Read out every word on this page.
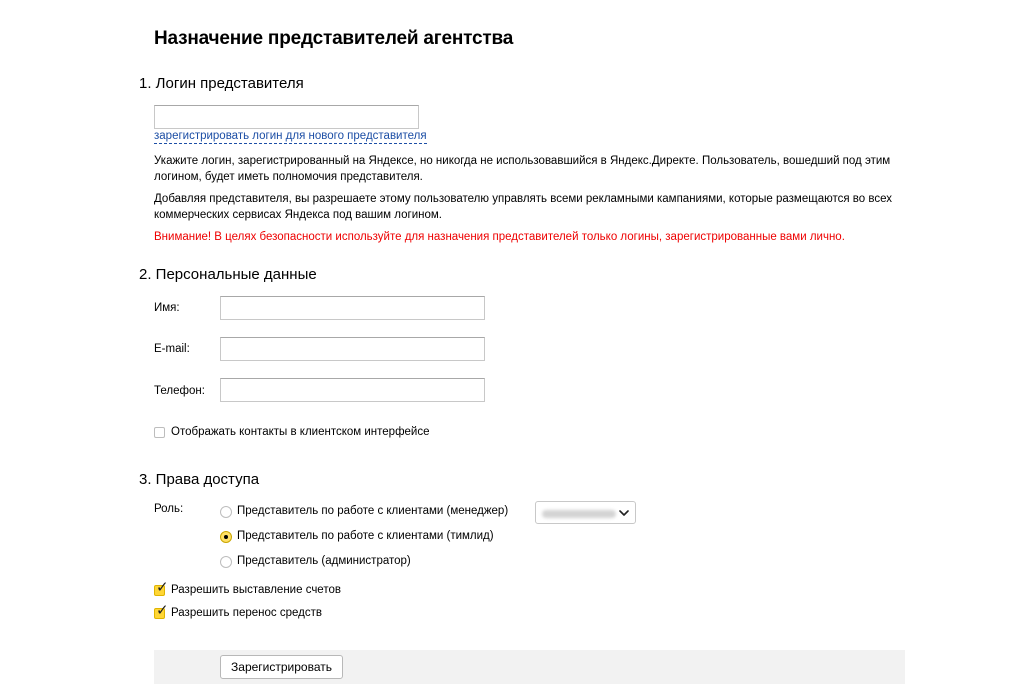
Назначение представителей агентства
1. Логин представителя
зарегистрировать логин для нового представителя
Укажите логин, зарегистрированный на Яндексе, но никогда не использовавшийся в Яндекс.Директе. Пользователь, вошедший под этим логином, будет иметь полномочия представителя.
Добавляя представителя, вы разрешаете этому пользователю управлять всеми рекламными кампаниями, которые размещаются во всех коммерческих сервисах Яндекса под вашим логином.
Внимание! В целях безопасности используйте для назначения представителей только логины, зарегистрированные вами лично.
2. Персональные данные
Имя:
E-mail:
Телефон:
Отображать контакты в клиентском интерфейсе
3. Права доступа
Роль:	Представитель по работе с клиентами (менеджер)
Представитель по работе с клиентами (тимлид)
Представитель (администратор)
✓ Разрешить выставление счетов
✓ Разрешить перенос средств
Зарегистрировать
